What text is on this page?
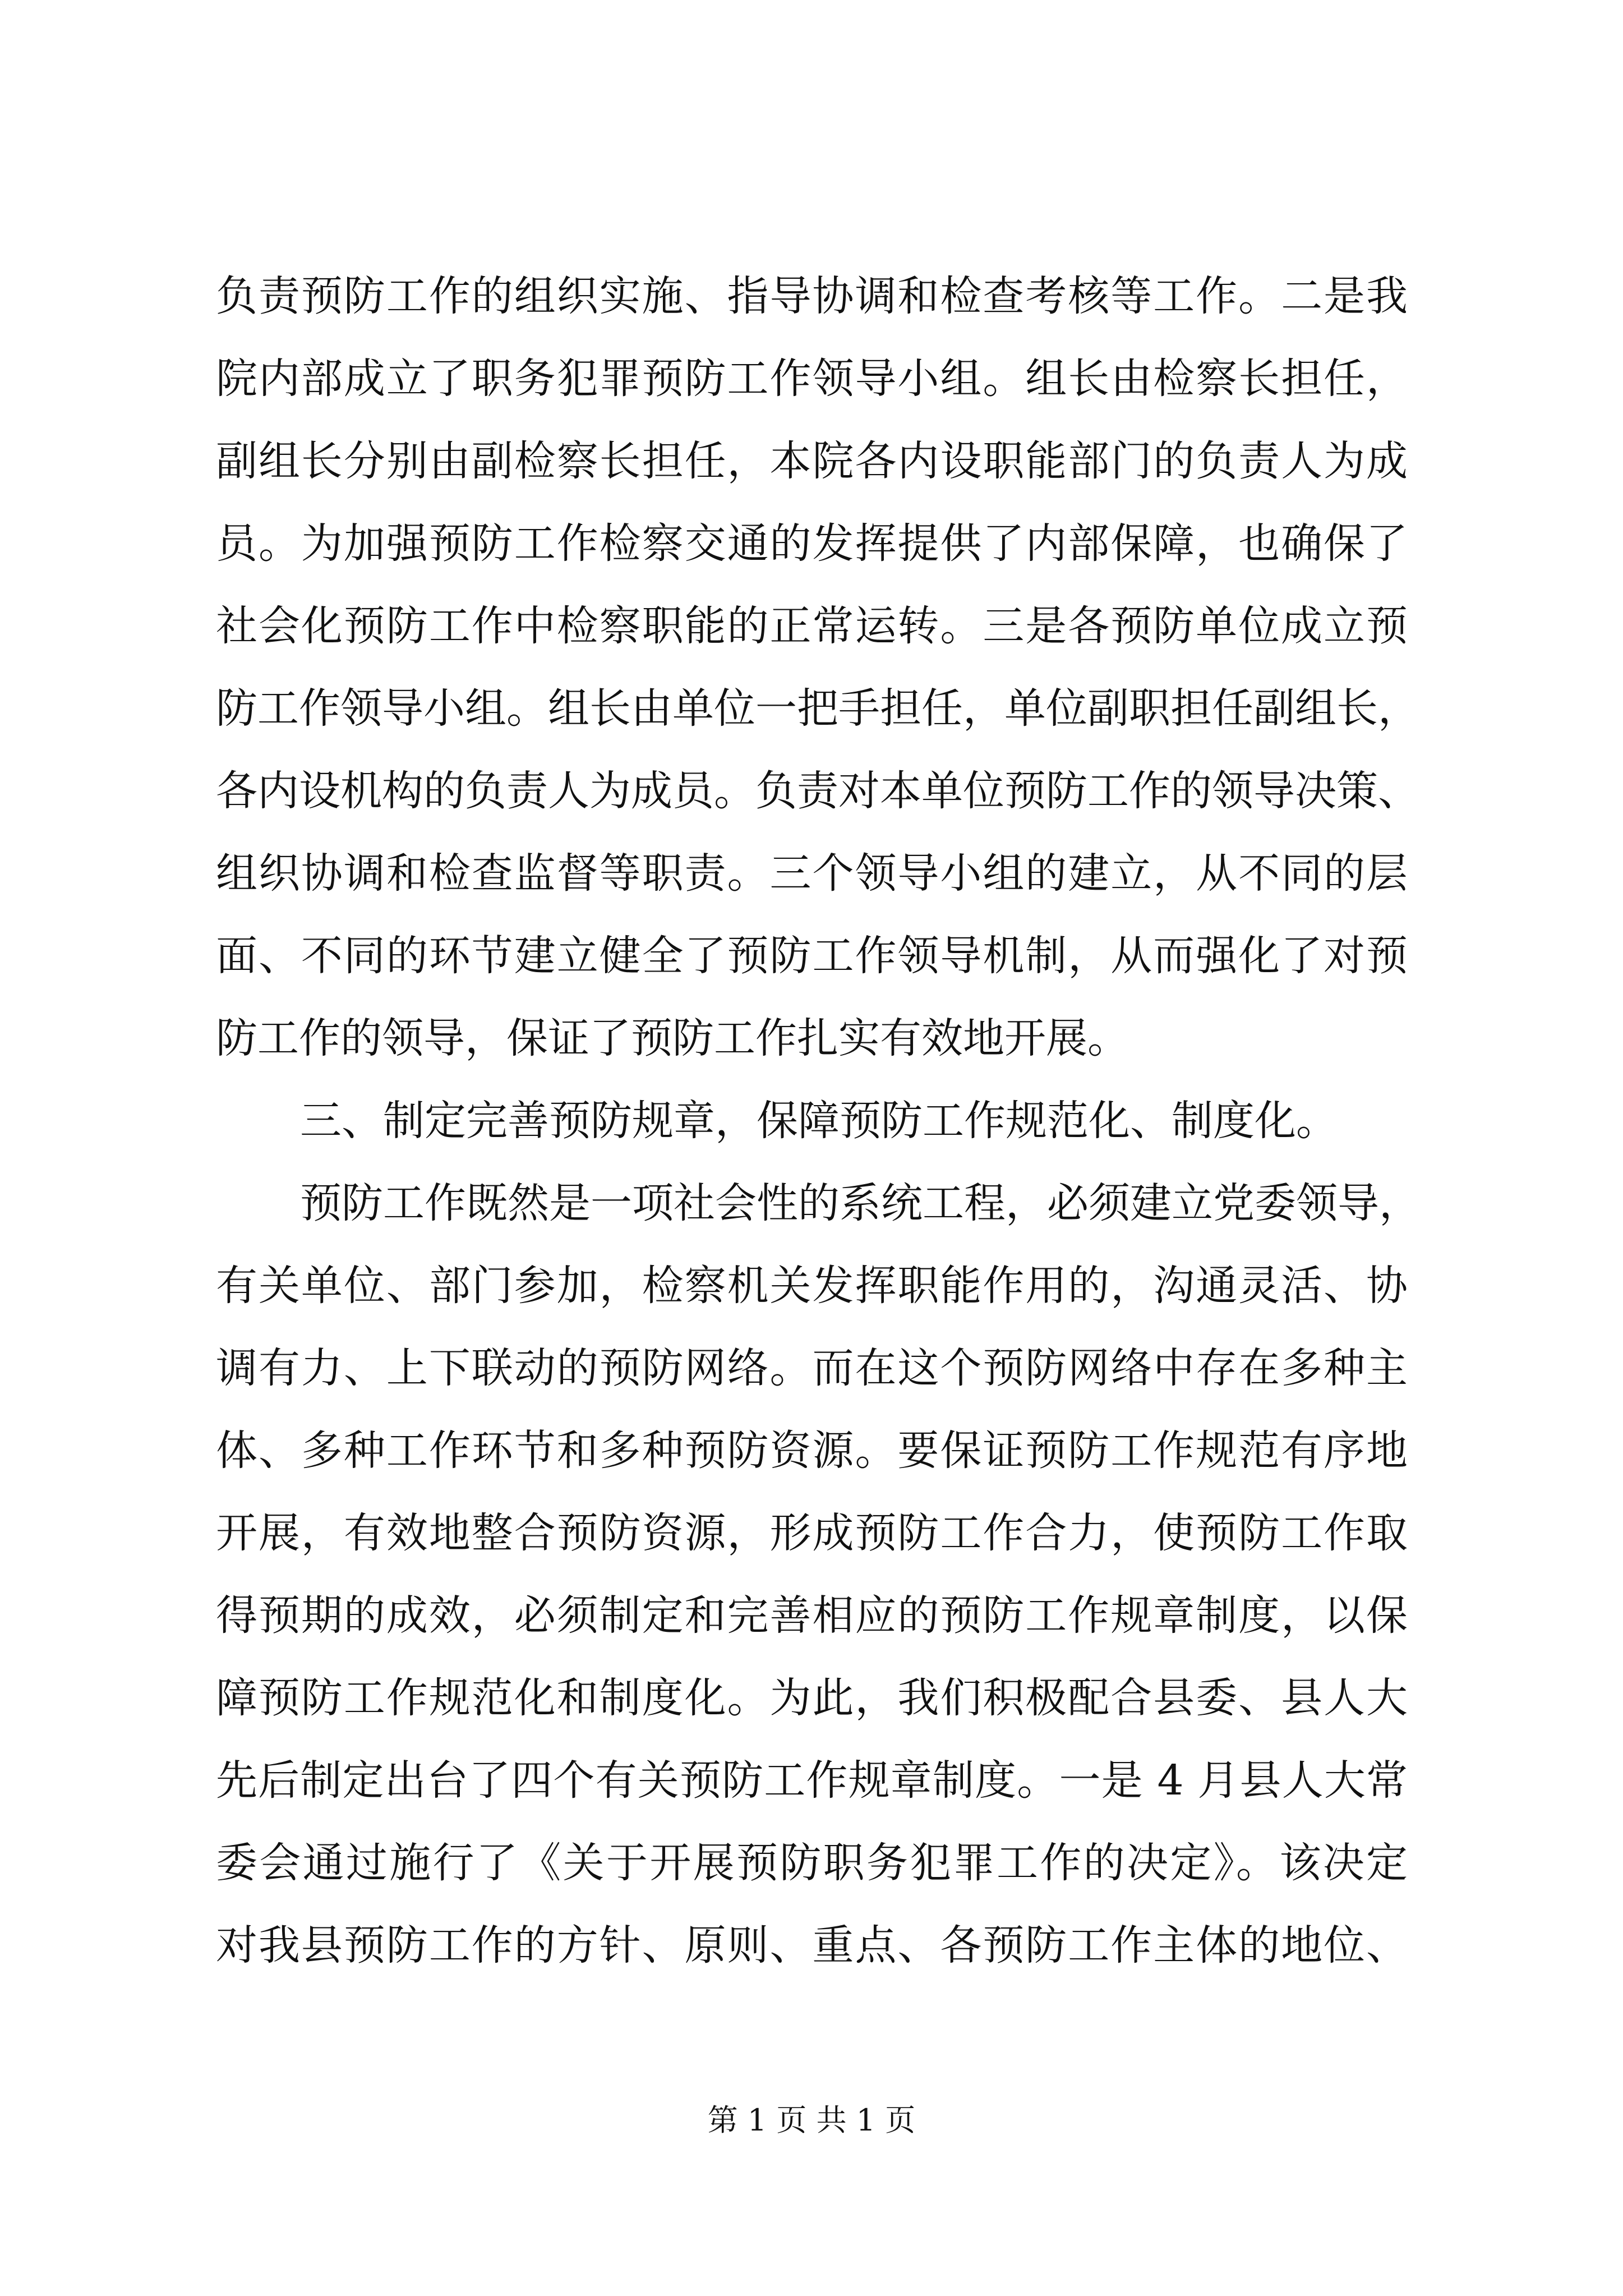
负责预防工作的组织实施、指导协调和检查考核等工作。二是我
院内部成立了职务犯罪预防工作领导小组。组长由检察长担任，
副组长分别由副检察长担任，本院各内设职能部门的负责人为成
员。为加强预防工作检察交通的发挥提供了内部保障，也确保了
社会化预防工作中检察职能的正常运转。三是各预防单位成立预
防工作领导小组。组长由单位一把手担任，单位副职担任副组长，
各内设机构的负责人为成员。负责对本单位预防工作的领导决策、
组织协调和检查监督等职责。三个领导小组的建立，从不同的层
面、不同的环节建立健全了预防工作领导机制，从而强化了对预
防工作的领导，保证了预防工作扎实有效地开展。
三、制定完善预防规章，保障预防工作规范化、制度化。
预防工作既然是一项社会性的系统工程，必须建立党委领导，
有关单位、部门参加，检察机关发挥职能作用的，沟通灵活、协
调有力、上下联动的预防网络。而在这个预防网络中存在多种主
体、多种工作环节和多种预防资源。要保证预防工作规范有序地
开展，有效地整合预防资源，形成预防工作合力，使预防工作取
得预期的成效，必须制定和完善相应的预防工作规章制度，以保
障预防工作规范化和制度化。为此，我们积极配合县委、县人大
先后制定出台了四个有关预防工作规章制度。一是 4 月县人大常
委会通过施行了《关于开展预防职务犯罪工作的决定》。该决定
对我县预防工作的方针、原则、重点、各预防工作主体的地位、
第 1 页 共 1 页
